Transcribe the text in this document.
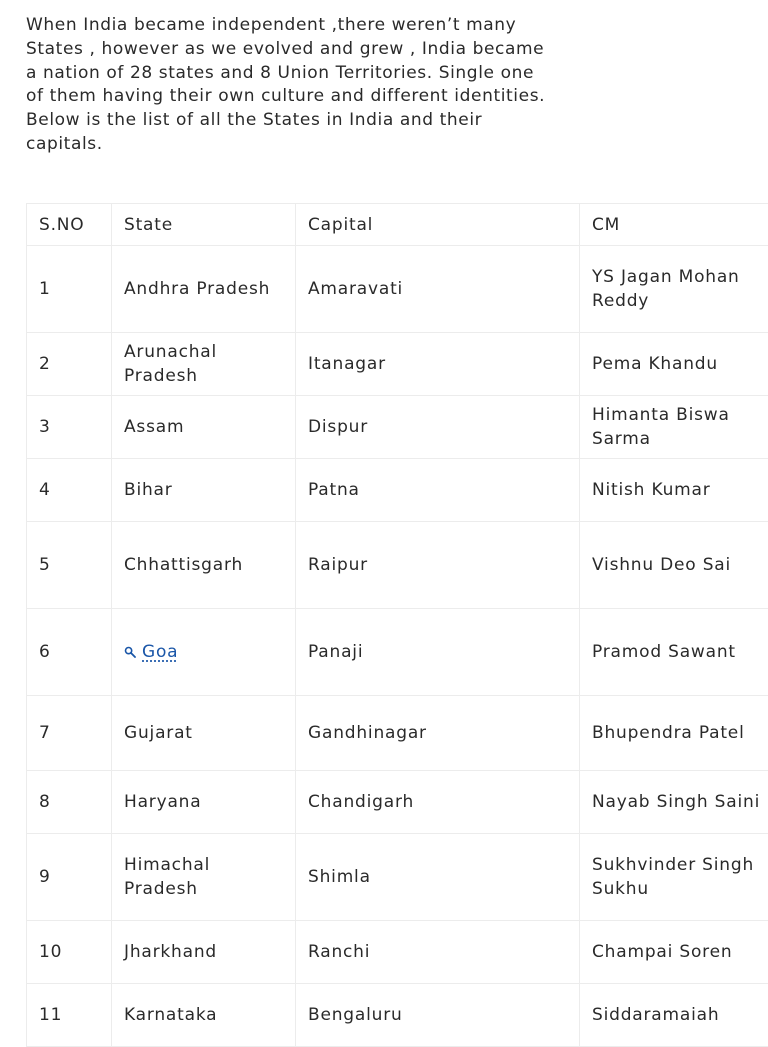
When India became independent ,there weren’t many States , however as we evolved and grew , India became a nation of 28 states and 8 Union Territories. Single one of them having their own culture and different identities. Below is the list of all the States in India and their capitals.

S.NO	State	Capital	CM
1	Andhra Pradesh	Amaravati	YS Jagan Mohan Reddy
2	Arunachal Pradesh	Itanagar	Pema Khandu
3	Assam	Dispur	Himanta Biswa Sarma
4	Bihar	Patna	Nitish Kumar
5	Chhattisgarh	Raipur	Vishnu Deo Sai
6	Goa	Panaji	Pramod Sawant
7	Gujarat	Gandhinagar	Bhupendra Patel
8	Haryana	Chandigarh	Nayab Singh Saini
9	Himachal Pradesh	Shimla	Sukhvinder Singh Sukhu
10	Jharkhand	Ranchi	Champai Soren
11	Karnataka	Bengaluru	Siddaramaiah
